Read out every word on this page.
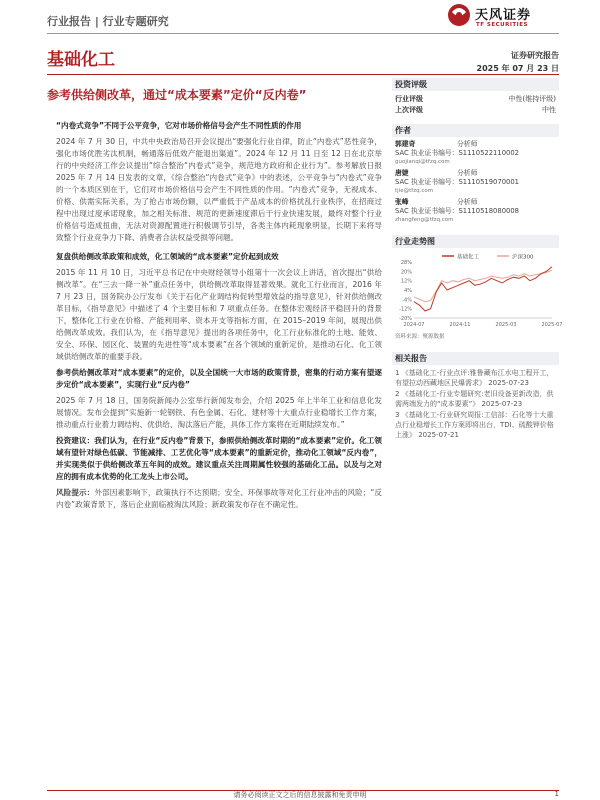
行业报告 | 行业专题研究	天风证券
TF SECURITIES
基础化工	证券研究报告
2025 年 07 月 23 日
参考供给侧改革，通过“成本要素”定价“反内卷”

“内卷式竞争”不同于公平竞争，它对市场价格信号会产生不同性质的作用

2024 年 7 月 30 日，中共中央政治局召开会议提出“要强化行业自律，防止“内卷式”恶性竞争，强化市场优胜劣汰机制，畅通落后低效产能退出渠道”。2024 年 12 月 11 日至 12 日在北京举行的中央经济工作会议提出“综合整治“内卷式”竞争，规范地方政府和企业行为”。参考解放日报 2025 年 7 月 14 日发表的文章，《综合整治“内卷式”竞争》中的表述，公平竞争与“内卷式”竞争的一个本质区别在于，它们对市场价格信号会产生不同性质的作用。“内卷式”竞争，无视成本、价格、供需实际关系，为了抢占市场份额，以严重低于产品成本的价格扰乱行业秩序，在招商过程中出现过度承诺现象，加之相关标准、规范的更新速度滞后于行业快速发展，最终对整个行业价格信号造成扭曲，无法对资源配置进行积极调节引导，各类主体内耗现象明显，长期下来将导致整个行业竞争力下降、消费者合法权益受损等问题。

复盘供给侧改革政策和成效，化工领域的“成本要素”定价起到成效

2015 年 11 月 10 日，习近平总书记在中央财经领导小组第十一次会议上讲话，首次提出“供给侧改革”。在“三去一降一补”重点任务中，供给侧改革取得显著效果。就化工行业而言，2016 年 7 月 23 日，国务院办公厅发布《关于石化产业调结构促转型增效益的指导意见》，针对供给侧改革目标，《指导意见》中描述了 4 个主要目标和 7 项重点任务。在整体宏观经济平稳回升的背景下，整体化工行业在价格、产能利用率、资本开支等指标方面，在 2015–2019 年间，展现出供给侧改革成效。我们认为，在《指导意见》提出的各项任务中，化工行业标准化的土地、能效、安全、环保、园区化、装置的先进性等“成本要素”在各个领域的重新定价，是推动石化、化工领域供给侧改革的重要手段。

参考供给侧改革对“成本要素”的定价，以及全国统一大市场的政策背景，密集的行动方案有望逐步定价“成本要素”，实现行业“反内卷”

2025 年 7 月 18 日，国务院新闻办公室举行新闻发布会，介绍 2025 年上半年工业和信息化发展情况。发布会提到“实施新一轮钢铁、有色金属、石化、建材等十大重点行业稳增长工作方案，推动重点行业着力调结构、优供给、淘汰落后产能，具体工作方案将在近期陆续发布。”

投资建议：我们认为，在行业“反内卷”背景下，参照供给侧改革时期的“成本要素”定价。化工领域有望针对绿色低碳、节能减排、工艺优化等“成本要素”的重新定价，推动化工领域“反内卷”，并实现类似于供给侧改革五年间的成效。建议重点关注周期属性较强的基础化工品。以及与之对应的拥有成本优势的化工龙头上市公司。

风险提示：外部因素影响下，政策执行不达预期；安全、环保事故等对化工行业冲击的风险；“反内卷”政策背景下，落后企业面临被淘汰风险；新政策发布存在不确定性。

投资评级
行业评级	中性(维持评级)
上次评级	中性
作者
郭建奇	分析师
SAC 执业证书编号：S1110522110002
guojianqi@tfzq.com
唐婕	分析师
SAC 执业证书编号：S1110519070001
tjie@tfzq.com
张峰	分析师
SAC 执业证书编号：S1110518080008
zhangfeng@tfzq.com
行业走势图
基础化工	沪深300
28%
20%
12%
4%
-4%
-12%
-20%
2024-07	2024-11	2025-03	2025-07
资料来源：聚源数据
相关报告
1 《基础化工-行业点评:雅鲁藏布江水电工程开工，有望拉动西藏地区民爆需求》 2025-07-23
2 《基础化工-行业专题研究:老旧设备更新改造，供需两端发力的“成本要素”》 2025-07-23
3 《基础化工-行业研究周报:工信部：石化等十大重点行业稳增长工作方案即将出台，TDI、硫酸钾价格上涨》 2025-07-21
请务必阅读正文之后的信息披露和免责申明	1
